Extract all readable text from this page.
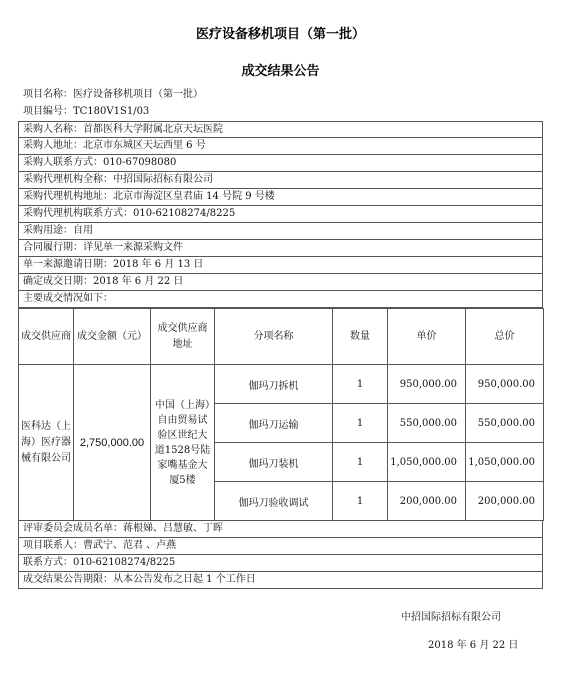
医疗设备移机项目（第一批）
成交结果公告
项目名称：医疗设备移机项目（第一批）
项目编号：TC180V1S1/03
采购人名称：首都医科大学附属北京天坛医院
采购人地址：北京市东城区天坛西里 6 号
采购人联系方式：010-67098080
采购代理机构全称：中招国际招标有限公司
采购代理机构地址：北京市海淀区皇君庙 14 号院 9 号楼
采购代理机构联系方式：010-62108274/8225
采购用途：自用
合同履行期：详见单一来源采购文件
单一来源邀请日期：2018 年 6 月 13 日
确定成交日期：2018 年 6 月 22 日
主要成交情况如下：
成交供应商	成交金额（元）	成交供应商地址	分项名称	数量	单价	总价
医科达（上海）医疗器械有限公司	2,750,000.00	中国（上海）自由贸易试验区世纪大道1528号陆家嘴基金大厦5楼	伽玛刀拆机	1	950,000.00	950,000.00
			伽玛刀运输	1	550,000.00	550,000.00
			伽玛刀装机	1	1,050,000.00	1,050,000.00
			伽玛刀验收调试	1	200,000.00	200,000.00
评审委员会成员名单：蒋根娣、吕慧敏、丁晖
项目联系人：曹武宁、范君 、卢燕
联系方式：010-62108274/8225
成交结果公告期限：从本公告发布之日起 1 个工作日
中招国际招标有限公司
2018 年 6 月 22 日
